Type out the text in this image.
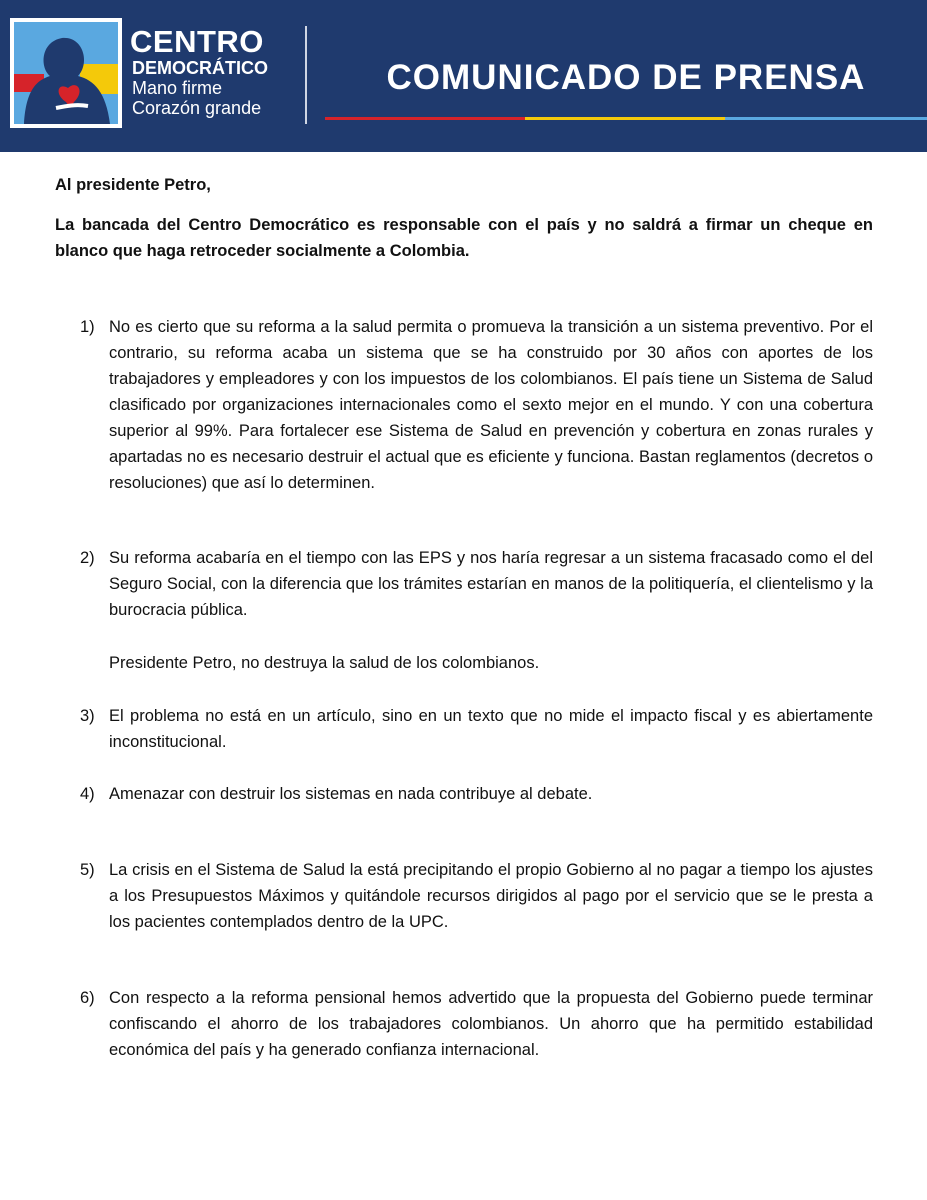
CENTRO
DEMOCRÁTICO
Mano firme
Corazón grande
COMUNICADO DE PRENSA

Al presidente Petro,

La bancada del Centro Democrático es responsable con el país y no saldrá a firmar un cheque en blanco que haga retroceder socialmente a Colombia.

1) No es cierto que su reforma a la salud permita o promueva la transición a un sistema preventivo. Por el contrario, su reforma acaba un sistema que se ha construido por 30 años con aportes de los trabajadores y empleadores y con los impuestos de los colombianos. El país tiene un Sistema de Salud clasificado por organizaciones internacionales como el sexto mejor en el mundo. Y con una cobertura superior al 99%. Para fortalecer ese Sistema de Salud en prevención y cobertura en zonas rurales y apartadas no es necesario destruir el actual que es eficiente y funciona. Bastan reglamentos (decretos o resoluciones) que así lo determinen.
2) Su reforma acabaría en el tiempo con las EPS y nos haría regresar a un sistema fracasado como el del Seguro Social, con la diferencia que los trámites estarían en manos de la politiquería, el clientelismo y la burocracia pública.
Presidente Petro, no destruya la salud de los colombianos.
3) El problema no está en un artículo, sino en un texto que no mide el impacto fiscal y es abiertamente inconstitucional.
4) Amenazar con destruir los sistemas en nada contribuye al debate.
5) La crisis en el Sistema de Salud la está precipitando el propio Gobierno al no pagar a tiempo los ajustes a los Presupuestos Máximos y quitándole recursos dirigidos al pago por el servicio que se le presta a los pacientes contemplados dentro de la UPC.
6) Con respecto a la reforma pensional hemos advertido que la propuesta del Gobierno puede terminar confiscando el ahorro de los trabajadores colombianos. Un ahorro que ha permitido estabilidad económica del país y ha generado confianza internacional.
